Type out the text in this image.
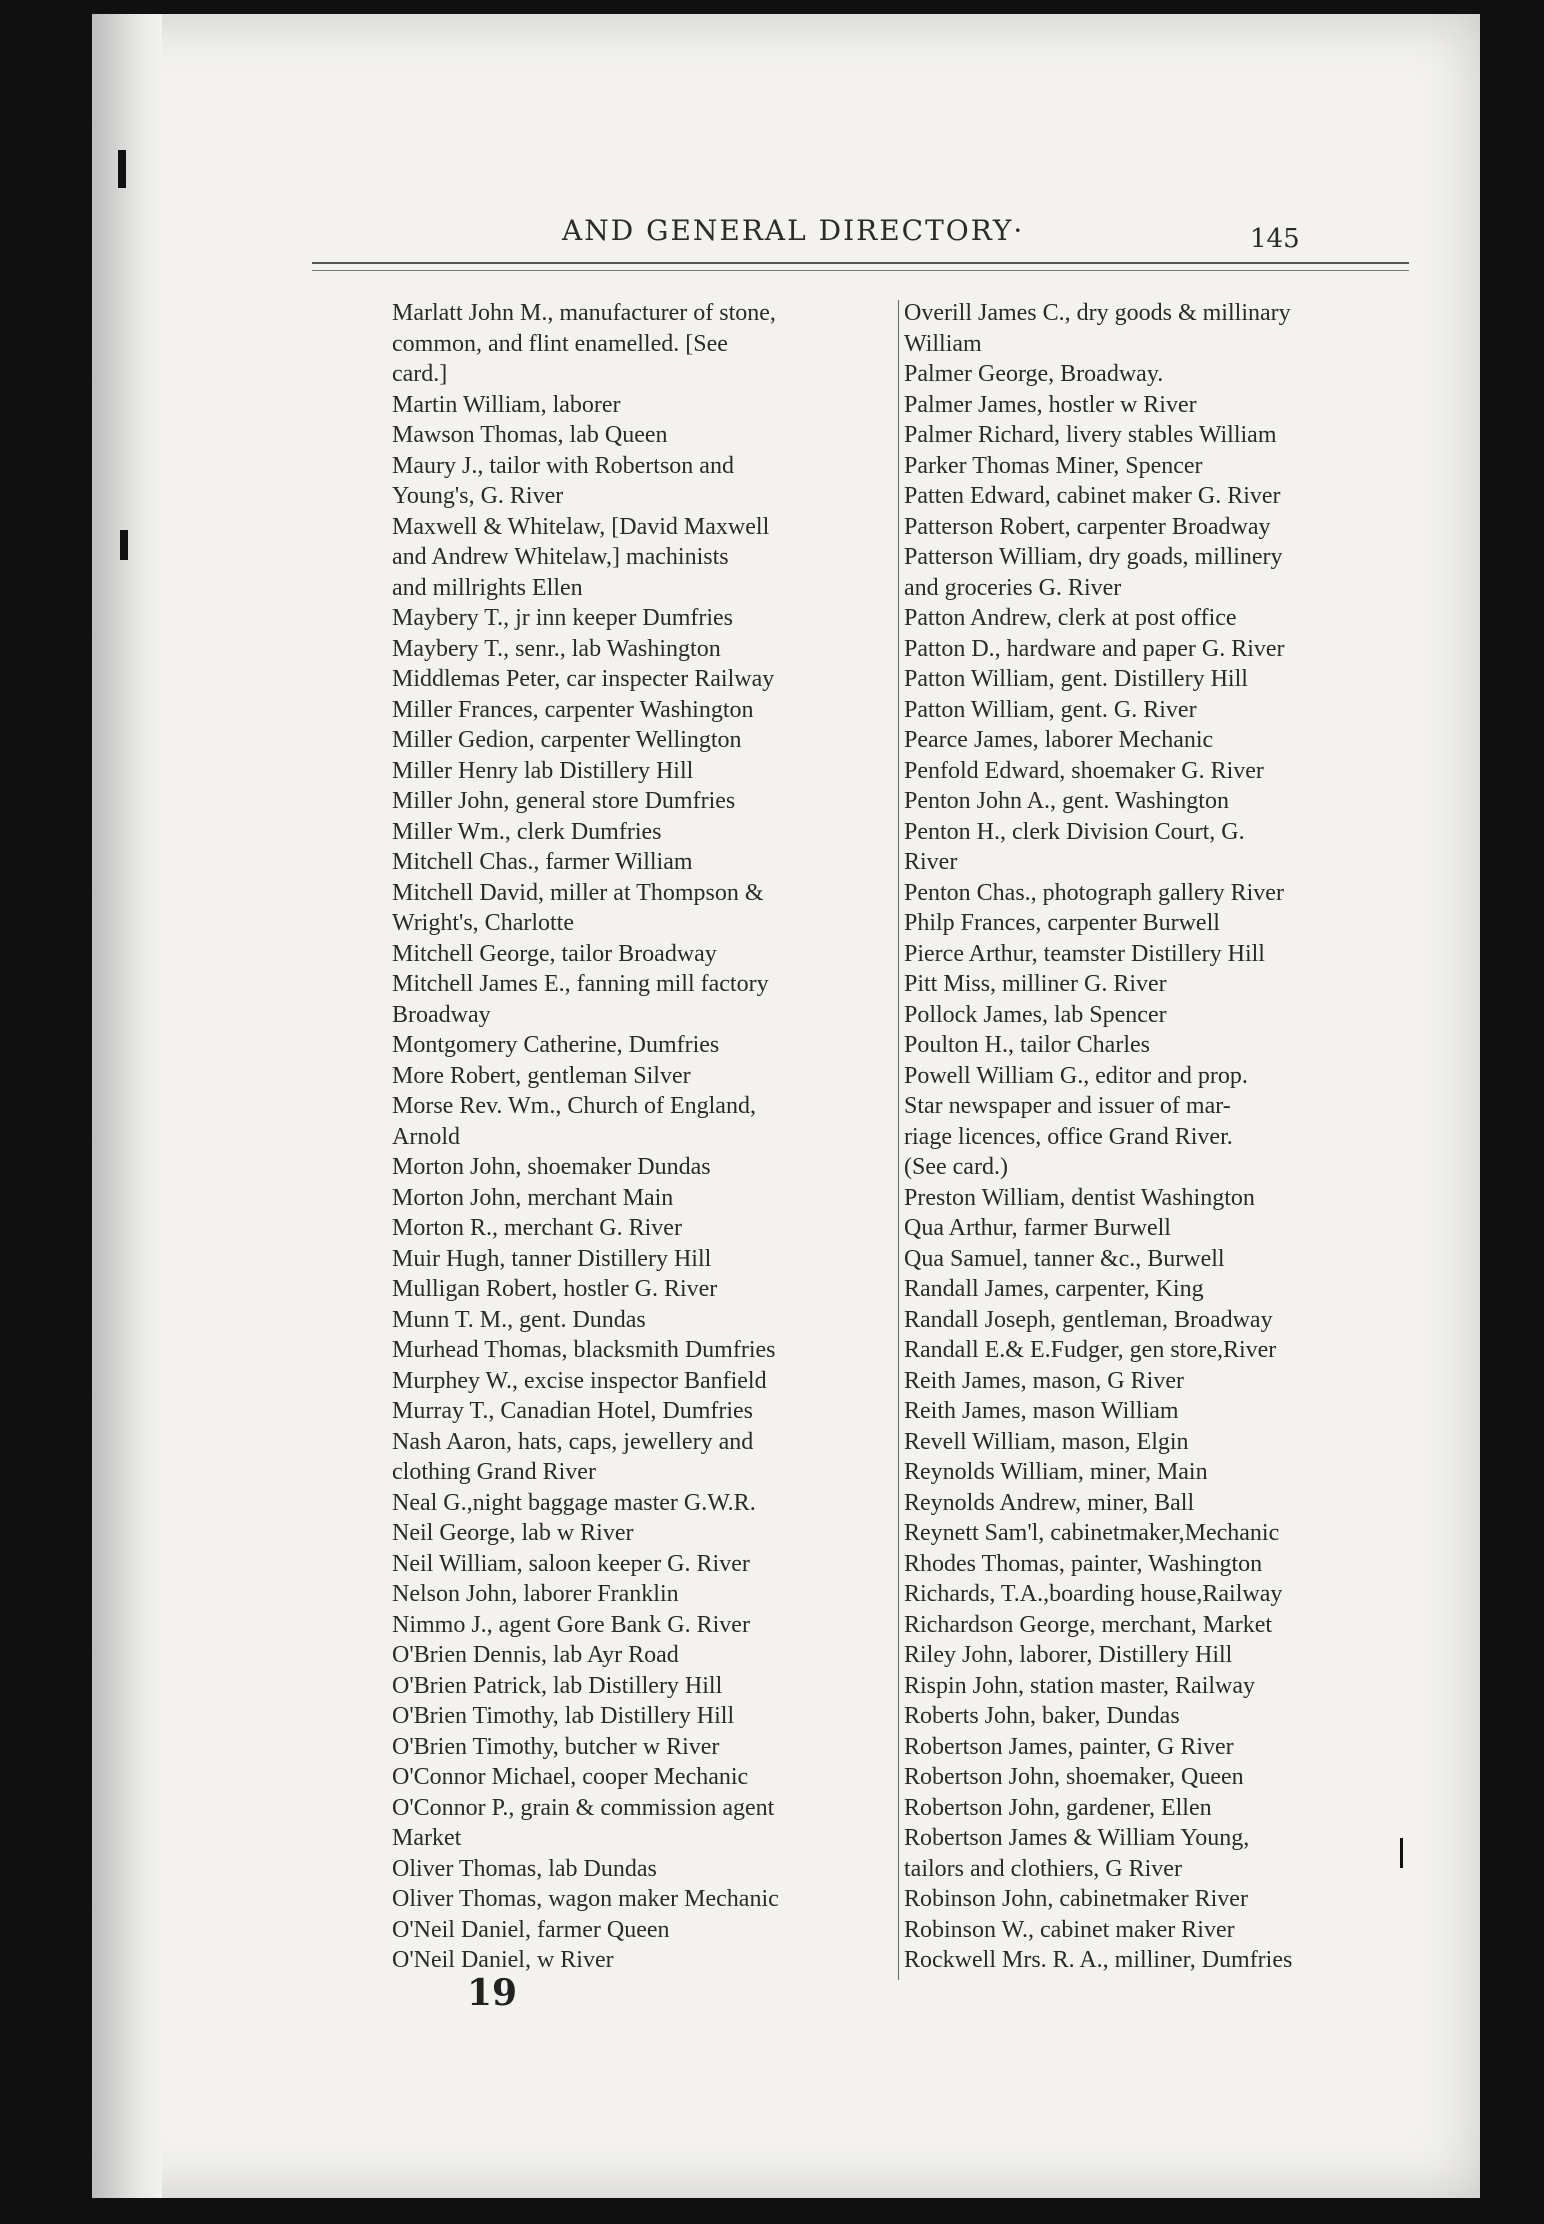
AND GENERAL DIRECTORY·	145
Marlatt John M., manufacturer of stone,
common, and flint enamelled. [See
card.]
Martin William, laborer
Mawson Thomas, lab Queen
Maury J., tailor with Robertson and
Young's, G. River
Maxwell & Whitelaw, [David Maxwell
and Andrew Whitelaw,] machinists
and millrights Ellen
Maybery T., jr inn keeper Dumfries
Maybery T., senr., lab Washington
Middlemas Peter, car inspecter Railway
Miller Frances, carpenter Washington
Miller Gedion, carpenter Wellington
Miller Henry lab Distillery Hill
Miller John, general store Dumfries
Miller Wm., clerk Dumfries
Mitchell Chas., farmer William
Mitchell David, miller at Thompson &
Wright's, Charlotte
Mitchell George, tailor Broadway
Mitchell James E., fanning mill factory
Broadway
Montgomery Catherine, Dumfries
More Robert, gentleman Silver
Morse Rev. Wm., Church of England,
Arnold
Morton John, shoemaker Dundas
Morton John, merchant Main
Morton R., merchant G. River
Muir Hugh, tanner Distillery Hill
Mulligan Robert, hostler G. River
Munn T. M., gent. Dundas
Murhead Thomas, blacksmith Dumfries
Murphey W., excise inspector Banfield
Murray T., Canadian Hotel, Dumfries
Nash Aaron, hats, caps, jewellery and
clothing Grand River
Neal G.,night baggage master G.W.R.
Neil George, lab w River
Neil William, saloon keeper G. River
Nelson John, laborer Franklin
Nimmo J., agent Gore Bank G. River
O'Brien Dennis, lab Ayr Road
O'Brien Patrick, lab Distillery Hill
O'Brien Timothy, lab Distillery Hill
O'Brien Timothy, butcher w River
O'Connor Michael, cooper Mechanic
O'Connor P., grain & commission agent
Market
Oliver Thomas, lab Dundas
Oliver Thomas, wagon maker Mechanic
O'Neil Daniel, farmer Queen
O'Neil Daniel, w River
Overill James C., dry goods & millinary
William
Palmer George, Broadway.
Palmer James, hostler w River
Palmer Richard, livery stables William
Parker Thomas Miner, Spencer
Patten Edward, cabinet maker G. River
Patterson Robert, carpenter Broadway
Patterson William, dry goads, millinery
and groceries G. River
Patton Andrew, clerk at post office
Patton D., hardware and paper G. River
Patton William, gent. Distillery Hill
Patton William, gent. G. River
Pearce James, laborer Mechanic
Penfold Edward, shoemaker G. River
Penton John A., gent. Washington
Penton H., clerk Division Court, G.
River
Penton Chas., photograph gallery River
Philp Frances, carpenter Burwell
Pierce Arthur, teamster Distillery Hill
Pitt Miss, milliner G. River
Pollock James, lab Spencer
Poulton H., tailor Charles
Powell William G., editor and prop.
Star newspaper and issuer of mar-
riage licences, office Grand River.
(See card.)
Preston William, dentist Washington
Qua Arthur, farmer Burwell
Qua Samuel, tanner &c., Burwell
Randall James, carpenter, King
Randall Joseph, gentleman, Broadway
Randall E.& E.Fudger, gen store,River
Reith James, mason, G River
Reith James, mason William
Revell William, mason, Elgin
Reynolds William, miner, Main
Reynolds Andrew, miner, Ball
Reynett Sam'l, cabinetmaker,Mechanic
Rhodes Thomas, painter, Washington
Richards, T.A.,boarding house,Railway
Richardson George, merchant, Market
Riley John, laborer, Distillery Hill
Rispin John, station master, Railway
Roberts John, baker, Dundas
Robertson James, painter, G River
Robertson John, shoemaker, Queen
Robertson John, gardener, Ellen
Robertson James & William Young,
tailors and clothiers, G River
Robinson John, cabinetmaker River
Robinson W., cabinet maker River
Rockwell Mrs. R. A., milliner, Dumfries
19
